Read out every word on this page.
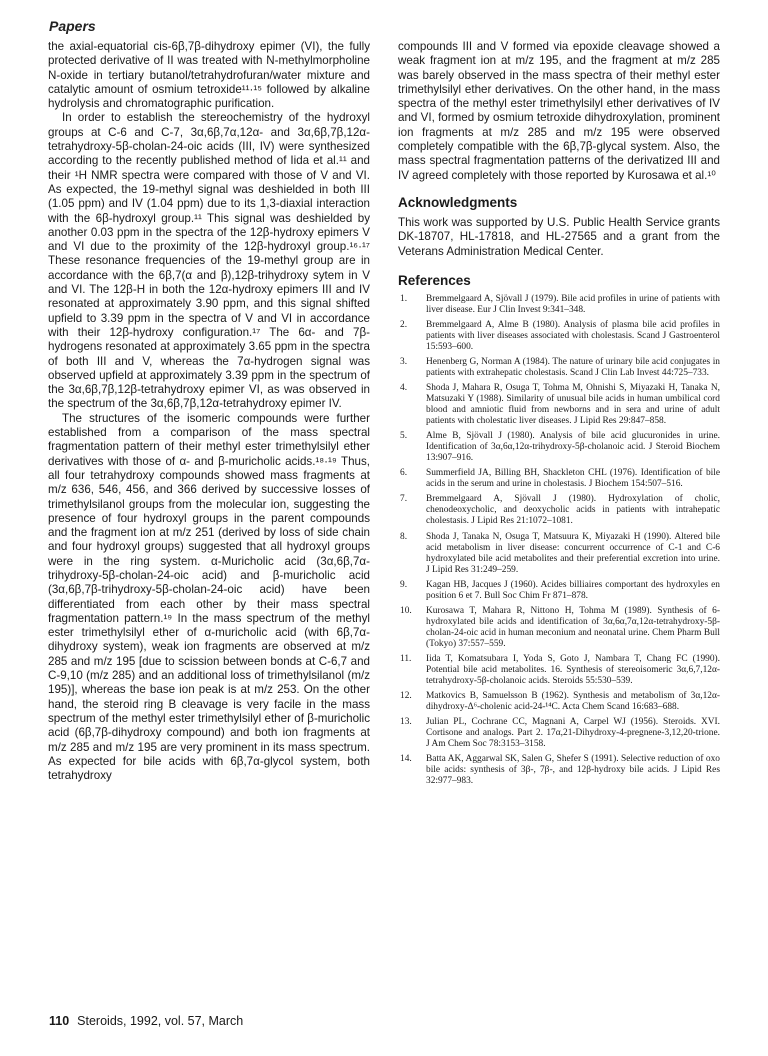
Papers

the axial-equatorial cis-6β,7β-dihydroxy epimer (VI), the fully protected derivative of II was treated with N-methylmorpholine N-oxide in tertiary butanol/tetrahydrofuran/water mixture and catalytic amount of osmium tetroxide¹¹·¹⁵ followed by alkaline hydrolysis and chromatographic purification.

In order to establish the stereochemistry of the hydroxyl groups at C-6 and C-7, 3α,6β,7α,12α- and 3α,6β,7β,12α-tetrahydroxy-5β-cholan-24-oic acids (III, IV) were synthesized according to the recently published method of Iida et al.¹¹ and their ¹H NMR spectra were compared with those of V and VI. As expected, the 19-methyl signal was deshielded in both III (1.05 ppm) and IV (1.04 ppm) due to its 1,3-diaxial interaction with the 6β-hydroxyl group.¹¹ This signal was deshielded by another 0.03 ppm in the spectra of the 12β-hydroxy epimers V and VI due to the proximity of the 12β-hydroxyl group.¹⁶·¹⁷ These resonance frequencies of the 19-methyl group are in accordance with the 6β,7(α and β),12β-trihydroxy sytem in V and VI. The 12β-H in both the 12α-hydroxy epimers III and IV resonated at approximately 3.90 ppm, and this signal shifted upfield to 3.39 ppm in the spectra of V and VI in accordance with their 12β-hydroxy configuration.¹⁷ The 6α- and 7β-hydrogens resonated at approximately 3.65 ppm in the spectra of both III and V, whereas the 7α-hydrogen signal was observed upfield at approximately 3.39 ppm in the spectrum of the 3α,6β,7β,12β-tetrahydroxy epimer VI, as was observed in the spectrum of the 3α,6β,7β,12α-tetrahydroxy epimer IV.

The structures of the isomeric compounds were further established from a comparison of the mass spectral fragmentation pattern of their methyl ester trimethylsilyl ether derivatives with those of α- and β-muricholic acids.¹⁸·¹⁹ Thus, all four tetrahydroxy compounds showed mass fragments at m/z 636, 546, 456, and 366 derived by successive losses of trimethylsilanol groups from the molecular ion, suggesting the presence of four hydroxyl groups in the parent compounds and the fragment ion at m/z 251 (derived by loss of side chain and four hydroxyl groups) suggested that all hydroxyl groups were in the ring system. α-Muricholic acid (3α,6β,7α-trihydroxy-5β-cholan-24-oic acid) and β-muricholic acid (3α,6β,7β-trihydroxy-5β-cholan-24-oic acid) have been differentiated from each other by their mass spectral fragmentation pattern.¹⁹ In the mass spectrum of the methyl ester trimethylsilyl ether of α-muricholic acid (with 6β,7α-dihydroxy system), weak ion fragments are observed at m/z 285 and m/z 195 [due to scission between bonds at C-6,7 and C-9,10 (m/z 285) and an additional loss of trimethylsilanol (m/z 195)], whereas the base ion peak is at m/z 253. On the other hand, the steroid ring B cleavage is very facile in the mass spectrum of the methyl ester trimethylsilyl ether of β-muricholic acid (6β,7β-dihydroxy compound) and both ion fragments at m/z 285 and m/z 195 are very prominent in its mass spectrum. As expected for bile acids with 6β,7α-glycol system, both tetrahydroxy

compounds III and V formed via epoxide cleavage showed a weak fragment ion at m/z 195, and the fragment at m/z 285 was barely observed in the mass spectra of their methyl ester trimethylsilyl ether derivatives. On the other hand, in the mass spectra of the methyl ester trimethylsilyl ether derivatives of IV and VI, formed by osmium tetroxide dihydroxylation, prominent ion fragments at m/z 285 and m/z 195 were observed completely compatible with the 6β,7β-glycal system. Also, the mass spectral fragmentation patterns of the derivatized III and IV agreed completely with those reported by Kurosawa et al.¹⁰

Acknowledgments

This work was supported by U.S. Public Health Service grants DK-18707, HL-17818, and HL-27565 and a grant from the Veterans Administration Medical Center.

References
1.	Bremmelgaard A, Sjövall J (1979). Bile acid profiles in urine of patients with liver disease. Eur J Clin Invest 9:341–348.
2.	Bremmelgaard A, Alme B (1980). Analysis of plasma bile acid profiles in patients with liver diseases associated with cholestasis. Scand J Gastroenterol 15:593–600.
3.	Henenberg G, Norman A (1984). The nature of urinary bile acid conjugates in patients with extrahepatic cholestasis. Scand J Clin Lab Invest 44:725–733.
4.	Shoda J, Mahara R, Osuga T, Tohma M, Ohnishi S, Miyazaki H, Tanaka N, Matsuzaki Y (1988). Similarity of unusual bile acids in human umbilical cord blood and amniotic fluid from newborns and in sera and urine of adult patients with cholestatic liver diseases. J Lipid Res 29:847–858.
5.	Alme B, Sjövall J (1980). Analysis of bile acid glucuronides in urine. Identification of 3α,6α,12α-trihydroxy-5β-cholanoic acid. J Steroid Biochem 13:907–916.
6.	Summerfield JA, Billing BH, Shackleton CHL (1976). Identification of bile acids in the serum and urine in cholestasis. J Biochem 154:507–516.
7.	Bremmelgaard A, Sjövall J (1980). Hydroxylation of cholic, chenodeoxycholic, and deoxycholic acids in patients with intrahepatic cholestasis. J Lipid Res 21:1072–1081.
8.	Shoda J, Tanaka N, Osuga T, Matsuura K, Miyazaki H (1990). Altered bile acid metabolism in liver disease: concurrent occurrence of C-1 and C-6 hydroxylated bile acid metabolites and their preferential excretion into urine. J Lipid Res 31:249–259.
9.	Kagan HB, Jacques J (1960). Acides billiaires comportant des hydroxyles en position 6 et 7. Bull Soc Chim Fr 871–878.
10.	Kurosawa T, Mahara R, Nittono H, Tohma M (1989). Synthesis of 6-hydroxylated bile acids and identification of 3α,6α,7α,12α-tetrahydroxy-5β-cholan-24-oic acid in human meconium and neonatal urine. Chem Pharm Bull (Tokyo) 37:557–559.
11.	Iida T, Komatsubara I, Yoda S, Goto J, Nambara T, Chang FC (1990). Potential bile acid metabolites. 16. Synthesis of stereoisomeric 3α,6,7,12α-tetrahydroxy-5β-cholanoic acids. Steroids 55:530–539.
12.	Matkovics B, Samuelsson B (1962). Synthesis and metabolism of 3α,12α-dihydroxy-Δ⁶-cholenic acid-24-¹⁴C. Acta Chem Scand 16:683–688.
13.	Julian PL, Cochrane CC, Magnani A, Carpel WJ (1956). Steroids. XVI. Cortisone and analogs. Part 2. 17α,21-Dihydroxy-4-pregnene-3,12,20-trione. J Am Chem Soc 78:3153–3158.
14.	Batta AK, Aggarwal SK, Salen G, Shefer S (1991). Selective reduction of oxo bile acids: synthesis of 3β-, 7β-, and 12β-hydroxy bile acids. J Lipid Res 32:977–983.
110 Steroids, 1992, vol. 57, March
